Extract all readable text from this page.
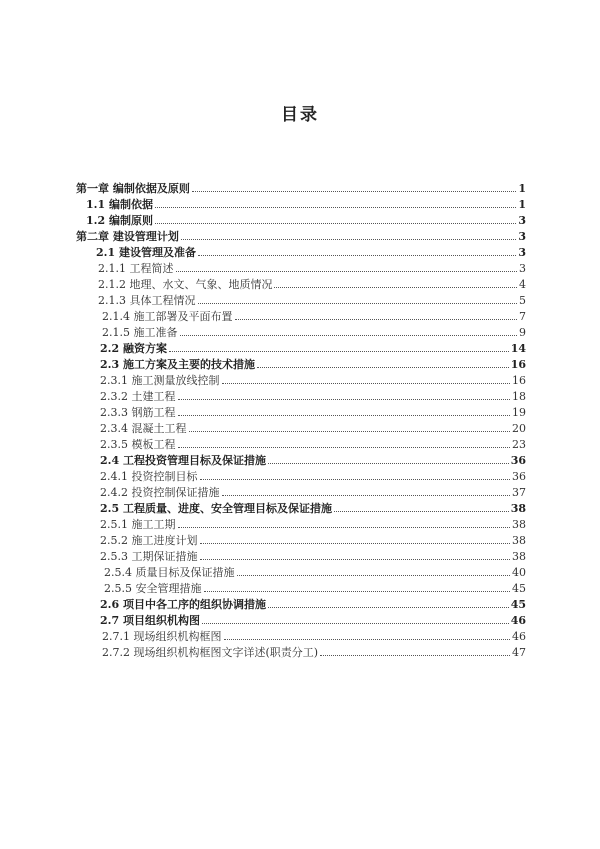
目录
第一章 编制依据及原则	1
1.1 编制依据	1
1.2 编制原则	3
第二章 建设管理计划	3
2.1 建设管理及准备	3
2.1.1 工程简述	3
2.1.2 地理、水文、气象、地质情况	4
2.1.3 具体工程情况	5
2.1.4 施工部署及平面布置	7
2.1.5 施工准备	9
2.2 融资方案	14
2.3 施工方案及主要的技术措施	16
2.3.1 施工测量放线控制	16
2.3.2 土建工程	18
2.3.3 钢筋工程	19
2.3.4 混凝土工程	20
2.3.5 模板工程	23
2.4 工程投资管理目标及保证措施	36
2.4.1 投资控制目标	36
2.4.2 投资控制保证措施	37
2.5 工程质量、进度、安全管理目标及保证措施	38
2.5.1 施工工期	38
2.5.2 施工进度计划	38
2.5.3 工期保证措施	38
2.5.4 质量目标及保证措施	40
2.5.5 安全管理措施	45
2.6 项目中各工序的组织协调措施	45
2.7 项目组织机构图	46
2.7.1 现场组织机构框图	46
2.7.2 现场组织机构框图文字详述(职责分工)	47
